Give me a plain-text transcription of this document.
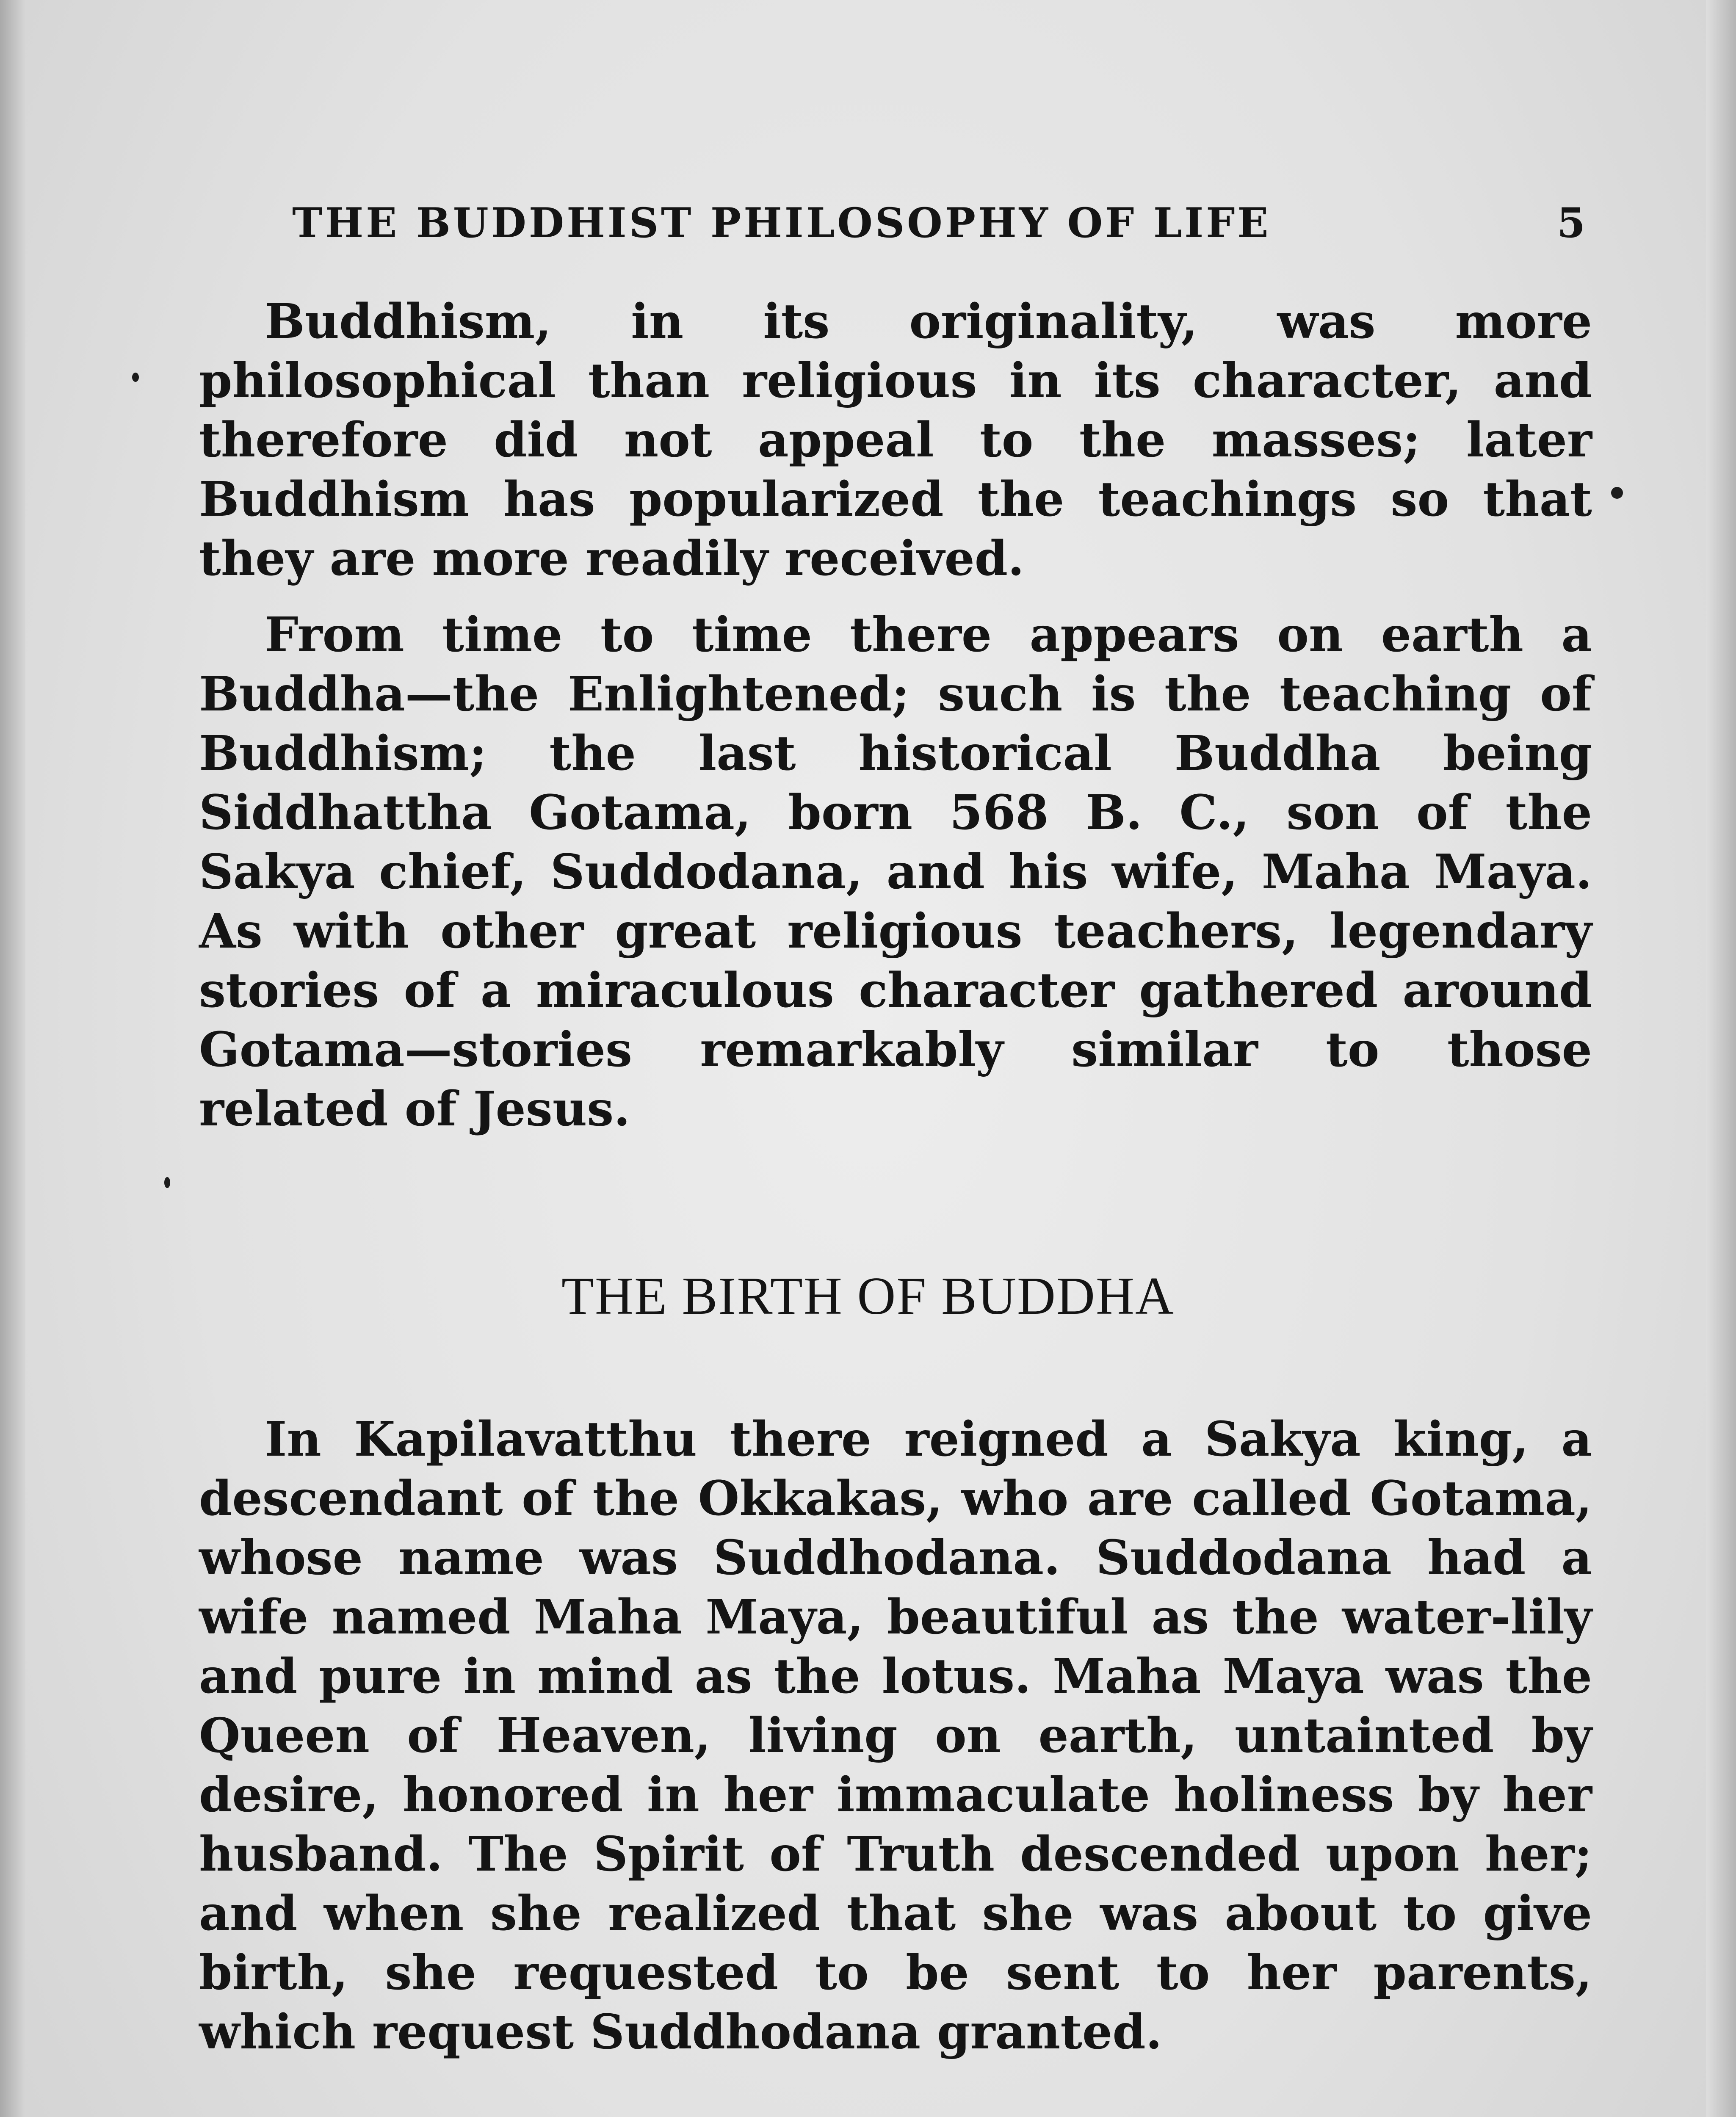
THE BUDDHIST PHILOSOPHY OF LIFE	5

Buddhism, in its originality, was more philosophical than religious in its character, and therefore did not appeal to the masses; later Buddhism has popularized the teachings so that they are more readily received.

From time to time there appears on earth a Buddha—the Enlightened; such is the teaching of Buddhism; the last historical Buddha being Siddhattha Gotama, born 568 B. C., son of the Sakya chief, Suddodana, and his wife, Maha Maya. As with other great religious teachers, legendary stories of a miraculous character gathered around Gotama—stories remarkably similar to those related of Jesus.

THE BIRTH OF BUDDHA

In Kapilavatthu there reigned a Sakya king, a descendant of the Okkakas, who are called Gotama, whose name was Suddhodana. Suddodana had a wife named Maha Maya, beautiful as the water-lily and pure in mind as the lotus. Maha Maya was the Queen of Heaven, living on earth, untainted by desire, honored in her immaculate holiness by her husband. The Spirit of Truth descended upon her; and when she realized that she was about to give birth, she requested to be sent to her parents, which request Suddhodana granted.
